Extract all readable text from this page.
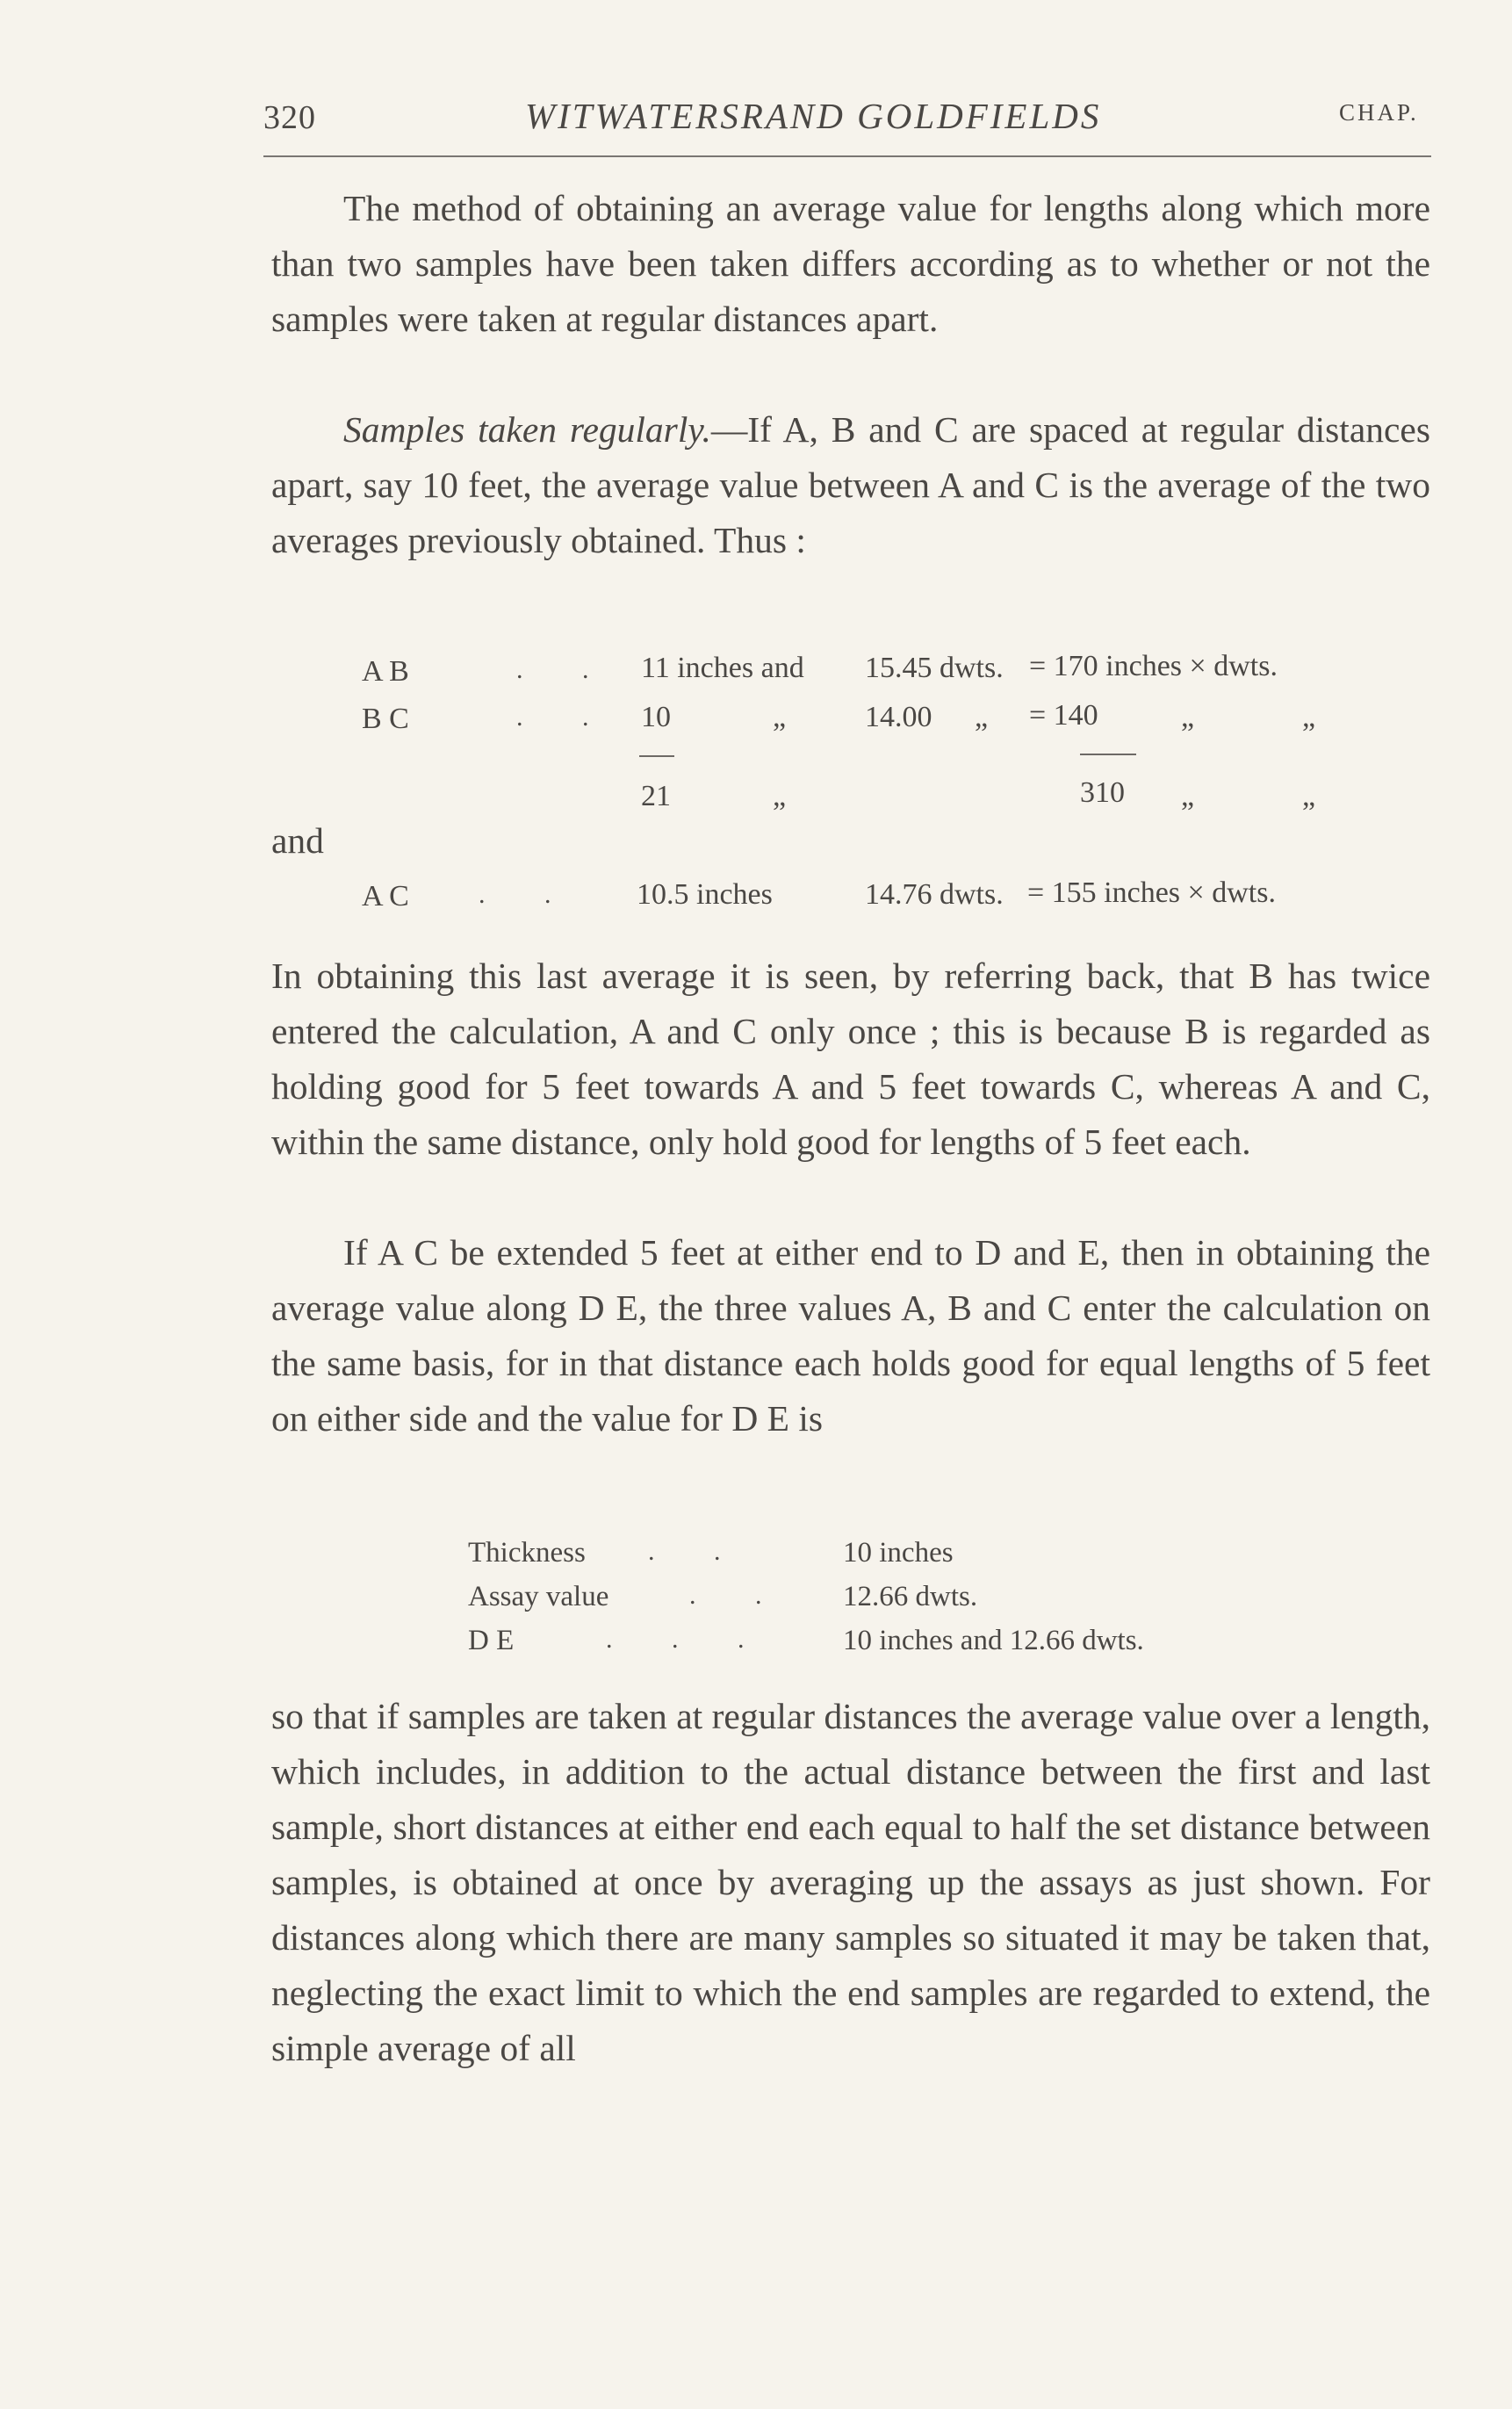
320	WITWATERSRAND GOLDFIELDS	CHAP.

The method of obtaining an average value for lengths along which more than two samples have been taken differs according as to whether or not the samples were taken at regular distances apart.

Samples taken regularly.—If A, B and C are spaced at regular distances apart, say 10 feet, the average value between A and C is the average of the two averages previously obtained. Thus :

A B	. . 11 inches and 15.45 dwts. = 170 inches × dwts.
B C	. . 10	„	14.00 „ = 140	„	„
21	„	310 „	„
and
A C	. . 10.5 inches	14.76 dwts. = 155 inches × dwts.

In obtaining this last average it is seen, by referring back, that B has twice entered the calculation, A and C only once ; this is because B is regarded as holding good for 5 feet towards A and 5 feet towards C, whereas A and C, within the same distance, only hold good for lengths of 5 feet each.

If A C be extended 5 feet at either end to D and E, then in obtaining the average value along D E, the three values A, B and C enter the calculation on the same basis, for in that distance each holds good for equal lengths of 5 feet on either side and the value for D E is

Thickness . .	10 inches
Assay value	. . 12.66 dwts.
D E	. . .	10 inches and 12.66 dwts.

so that if samples are taken at regular distances the average value over a length, which includes, in addition to the actual distance between the first and last sample, short distances at either end each equal to half the set distance between samples, is obtained at once by averaging up the assays as just shown. For distances along which there are many samples so situated it may be taken that, neglecting the exact limit to which the end samples are regarded to extend, the simple average of all
